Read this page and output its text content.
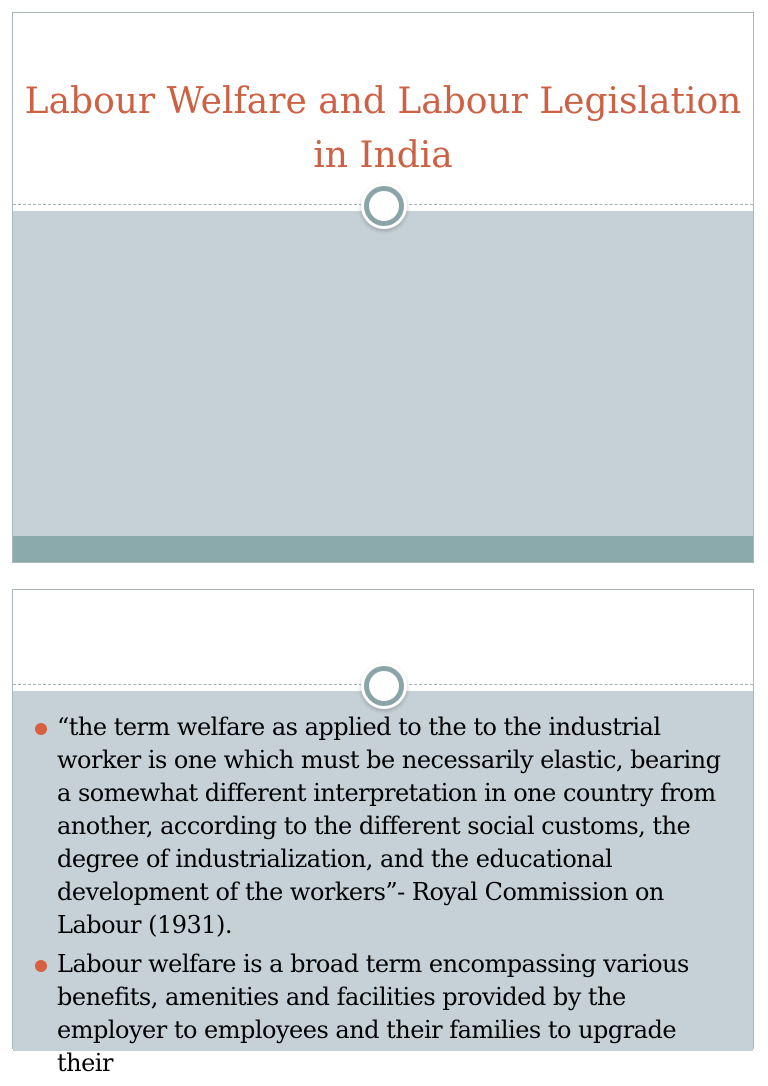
Labour Welfare and Labour Legislation in India
“the term welfare as applied to the to the industrial worker is one which must be necessarily elastic, bearing a somewhat different interpretation in one country from another, according to the different social customs, the degree of industrialization, and the educational development of the workers”- Royal Commission on Labour (1931).
Labour welfare is a broad term encompassing various benefits, amenities and facilities provided by the employer to employees and their families to upgrade their
